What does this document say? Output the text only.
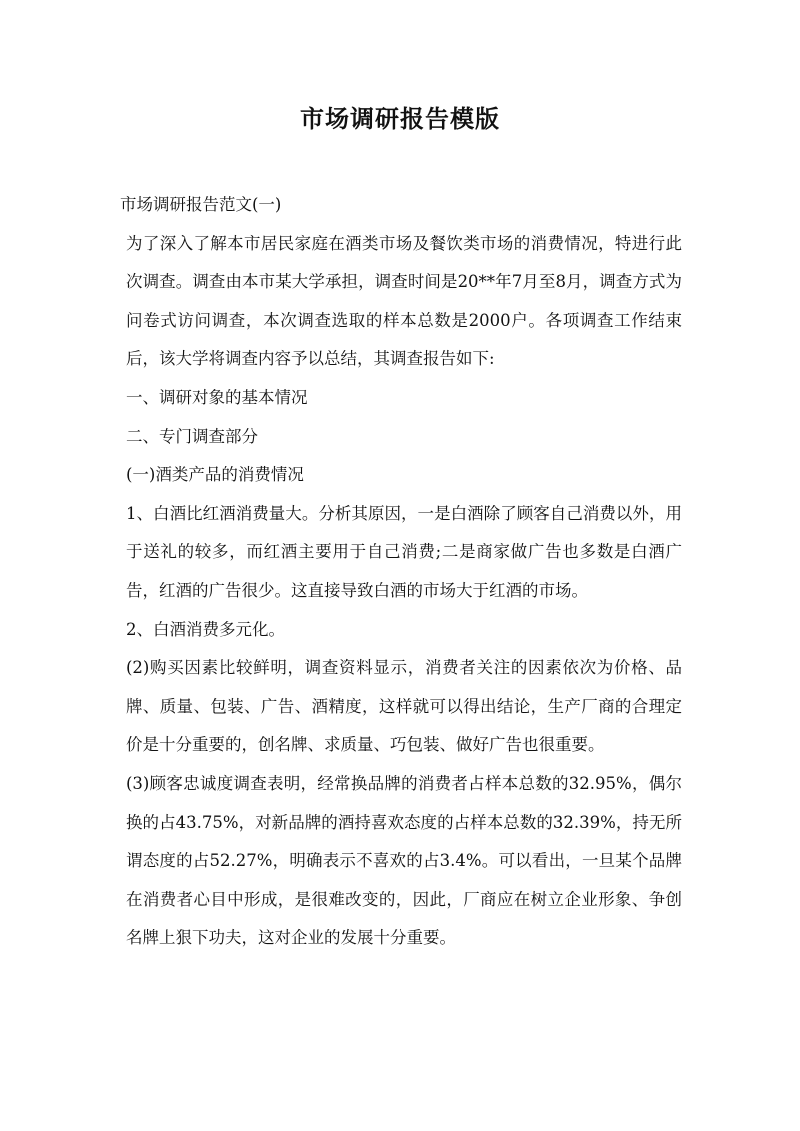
市场调研报告模版

市场调研报告范文(一)

为了深入了解本市居民家庭在酒类市场及餐饮类市场的消费情况，特进行此次调查。调查由本市某大学承担，调查时间是20**年7月至8月，调查方式为问卷式访问调查，本次调查选取的样本总数是2000户。各项调查工作结束后，该大学将调查内容予以总结，其调查报告如下:

一、调研对象的基本情况

二、专门调查部分

(一)酒类产品的消费情况

1、白酒比红酒消费量大。分析其原因，一是白酒除了顾客自己消费以外，用于送礼的较多，而红酒主要用于自己消费;二是商家做广告也多数是白酒广告，红酒的广告很少。这直接导致白酒的市场大于红酒的市场。

2、白酒消费多元化。

(2)购买因素比较鲜明，调查资料显示，消费者关注的因素依次为价格、品牌、质量、包装、广告、酒精度，这样就可以得出结论，生产厂商的合理定价是十分重要的，创名牌、求质量、巧包装、做好广告也很重要。

(3)顾客忠诚度调查表明，经常换品牌的消费者占样本总数的32.95%，偶尔换的占43.75%，对新品牌的酒持喜欢态度的占样本总数的32.39%，持无所谓态度的占52.27%，明确表示不喜欢的占3.4%。可以看出，一旦某个品牌在消费者心目中形成，是很难改变的，因此，厂商应在树立企业形象、争创名牌上狠下功夫，这对企业的发展十分重要。
